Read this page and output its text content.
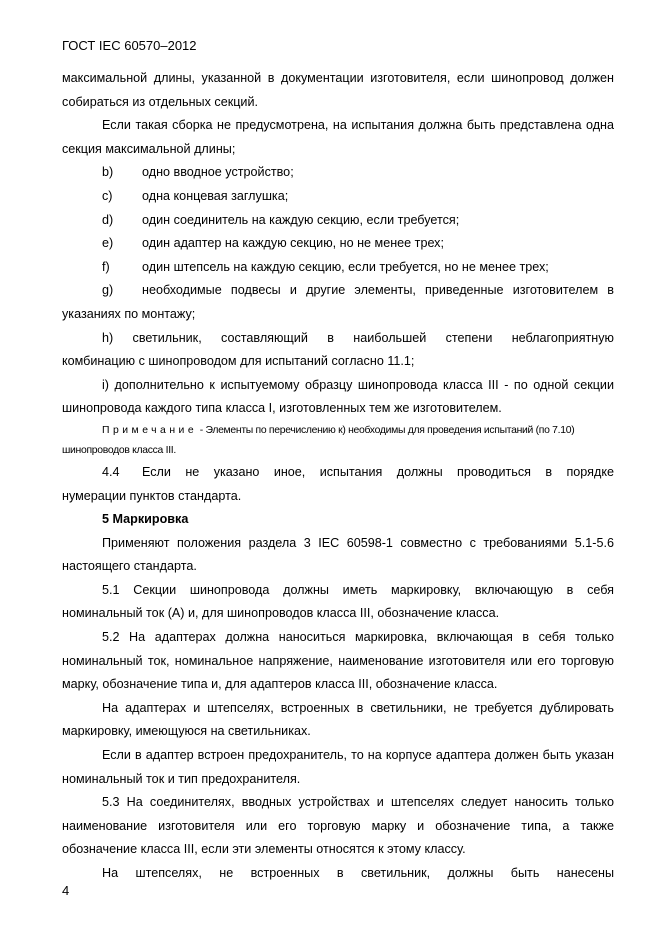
ГОСТ IEC 60570–2012

максимальной длины, указанной в документации изготовителя, если шинопровод должен собираться из отдельных секций.

Если такая сборка не предусмотрена, на испытания должна быть представлена одна секция максимальной длины;

b)	одно вводное устройство;
c)	одна концевая заглушка;
d)	один соединитель на каждую секцию, если требуется;
e)	один адаптер на каждую секцию, но не менее трех;
f)	один штепсель на каждую секцию, если требуется, но не менее трех;
g)	необходимые подвесы и другие элементы, приведенные изготовителем в

указаниях по монтажу;

h) светильник, составляющий в наибольшей степени неблагоприятную

комбинацию с шинопроводом для испытаний согласно 11.1;

i) дополнительно к испытуемому образцу шинопровода класса III - по одной секции шинопровода каждого типа класса I, изготовленных тем же изготовителем.

Примечание - Элементы по перечислению к) необходимы для проведения испытаний (по 7.10) шинопроводов класса III.

4.4	Если не указано иное, испытания должны проводиться в порядке

нумерации пунктов стандарта.

5 Маркировка

Применяют положения раздела 3 IEC 60598-1 совместно с требованиями 5.1-5.6 настоящего стандарта.

5.1 Секции шинопровода должны иметь маркировку, включающую в себя номинальный ток (А) и, для шинопроводов класса III, обозначение класса.

5.2 На адаптерах должна наноситься маркировка, включающая в себя только номинальный ток, номинальное напряжение, наименование изготовителя или его торговую марку, обозначение типа и, для адаптеров класса III, обозначение класса.

На адаптерах и штепселях, встроенных в светильники, не требуется дублировать маркировку, имеющуюся на светильниках.

Если в адаптер встроен предохранитель, то на корпусе адаптера должен быть указан номинальный ток и тип предохранителя.

5.3 На соединителях, вводных устройствах и штепселях следует наносить только наименование изготовителя или его торговую марку и обозначение типа, а также обозначение класса III, если эти элементы относятся к этому классу.

На штепселях, не встроенных в светильник, должны быть нанесены

4
